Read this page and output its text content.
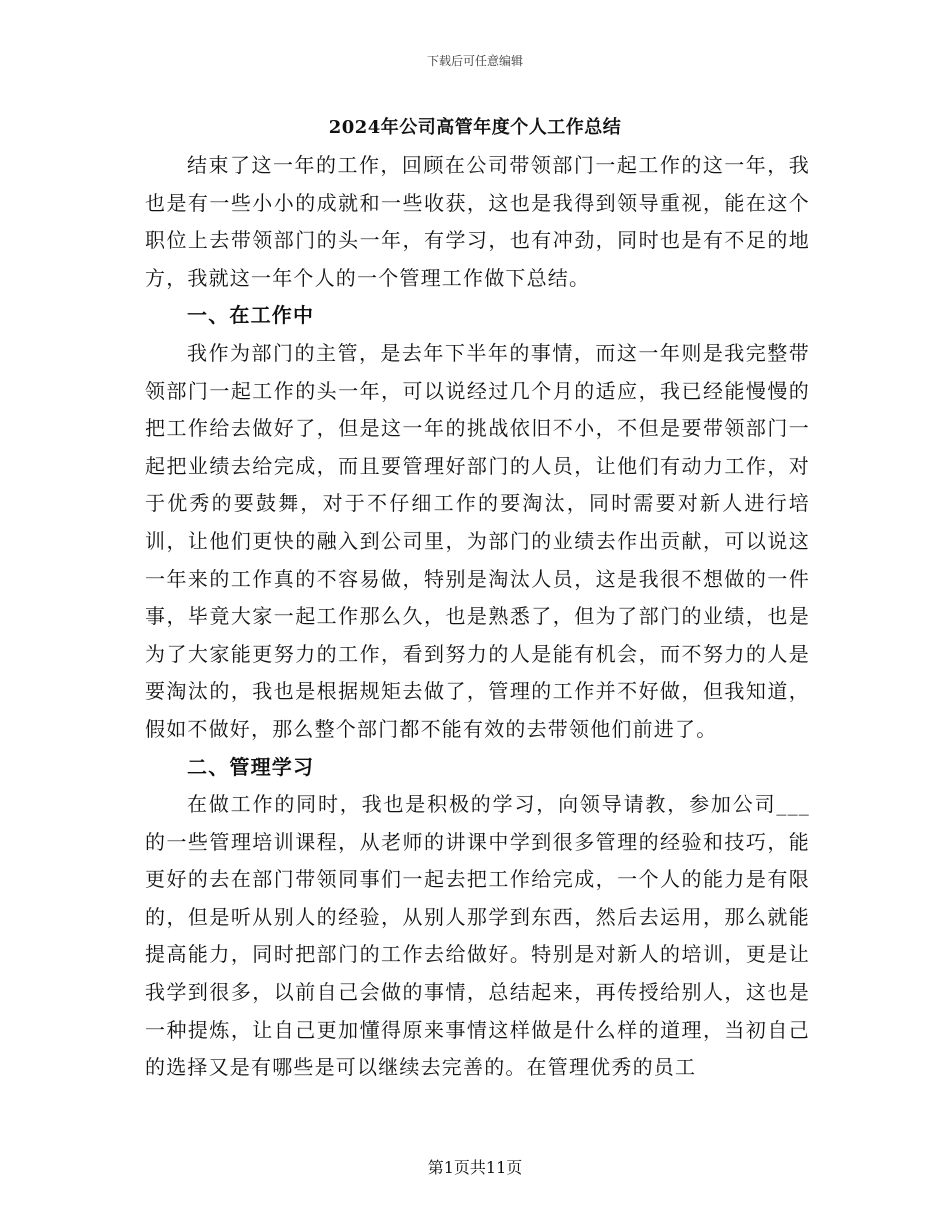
下载后可任意编辑
2024年公司高管年度个人工作总结

结束了这一年的工作，回顾在公司带领部门一起工作的这一年，我也是有一些小小的成就和一些收获，这也是我得到领导重视，能在这个职位上去带领部门的头一年，有学习，也有冲劲，同时也是有不足的地方，我就这一年个人的一个管理工作做下总结。

一、在工作中

我作为部门的主管，是去年下半年的事情，而这一年则是我完整带领部门一起工作的头一年，可以说经过几个月的适应，我已经能慢慢的把工作给去做好了，但是这一年的挑战依旧不小，不但是要带领部门一起把业绩去给完成，而且要管理好部门的人员，让他们有动力工作，对于优秀的要鼓舞，对于不仔细工作的要淘汰，同时需要对新人进行培训，让他们更快的融入到公司里，为部门的业绩去作出贡献，可以说这一年来的工作真的不容易做，特别是淘汰人员，这是我很不想做的一件事，毕竟大家一起工作那么久，也是熟悉了，但为了部门的业绩，也是为了大家能更努力的工作，看到努力的人是能有机会，而不努力的人是要淘汰的，我也是根据规矩去做了，管理的工作并不好做，但我知道，假如不做好，那么整个部门都不能有效的去带领他们前进了。

二、管理学习

在做工作的同时，我也是积极的学习，向领导请教，参加公司___的一些管理培训课程，从老师的讲课中学到很多管理的经验和技巧，能更好的去在部门带领同事们一起去把工作给完成，一个人的能力是有限的，但是听从别人的经验，从别人那学到东西，然后去运用，那么就能提高能力，同时把部门的工作去给做好。特别是对新人的培训，更是让我学到很多，以前自己会做的事情，总结起来，再传授给别人，这也是一种提炼，让自己更加懂得原来事情这样做是什么样的道理，当初自己的选择又是有哪些是可以继续去完善的。在管理优秀的员工

第1页共11页
